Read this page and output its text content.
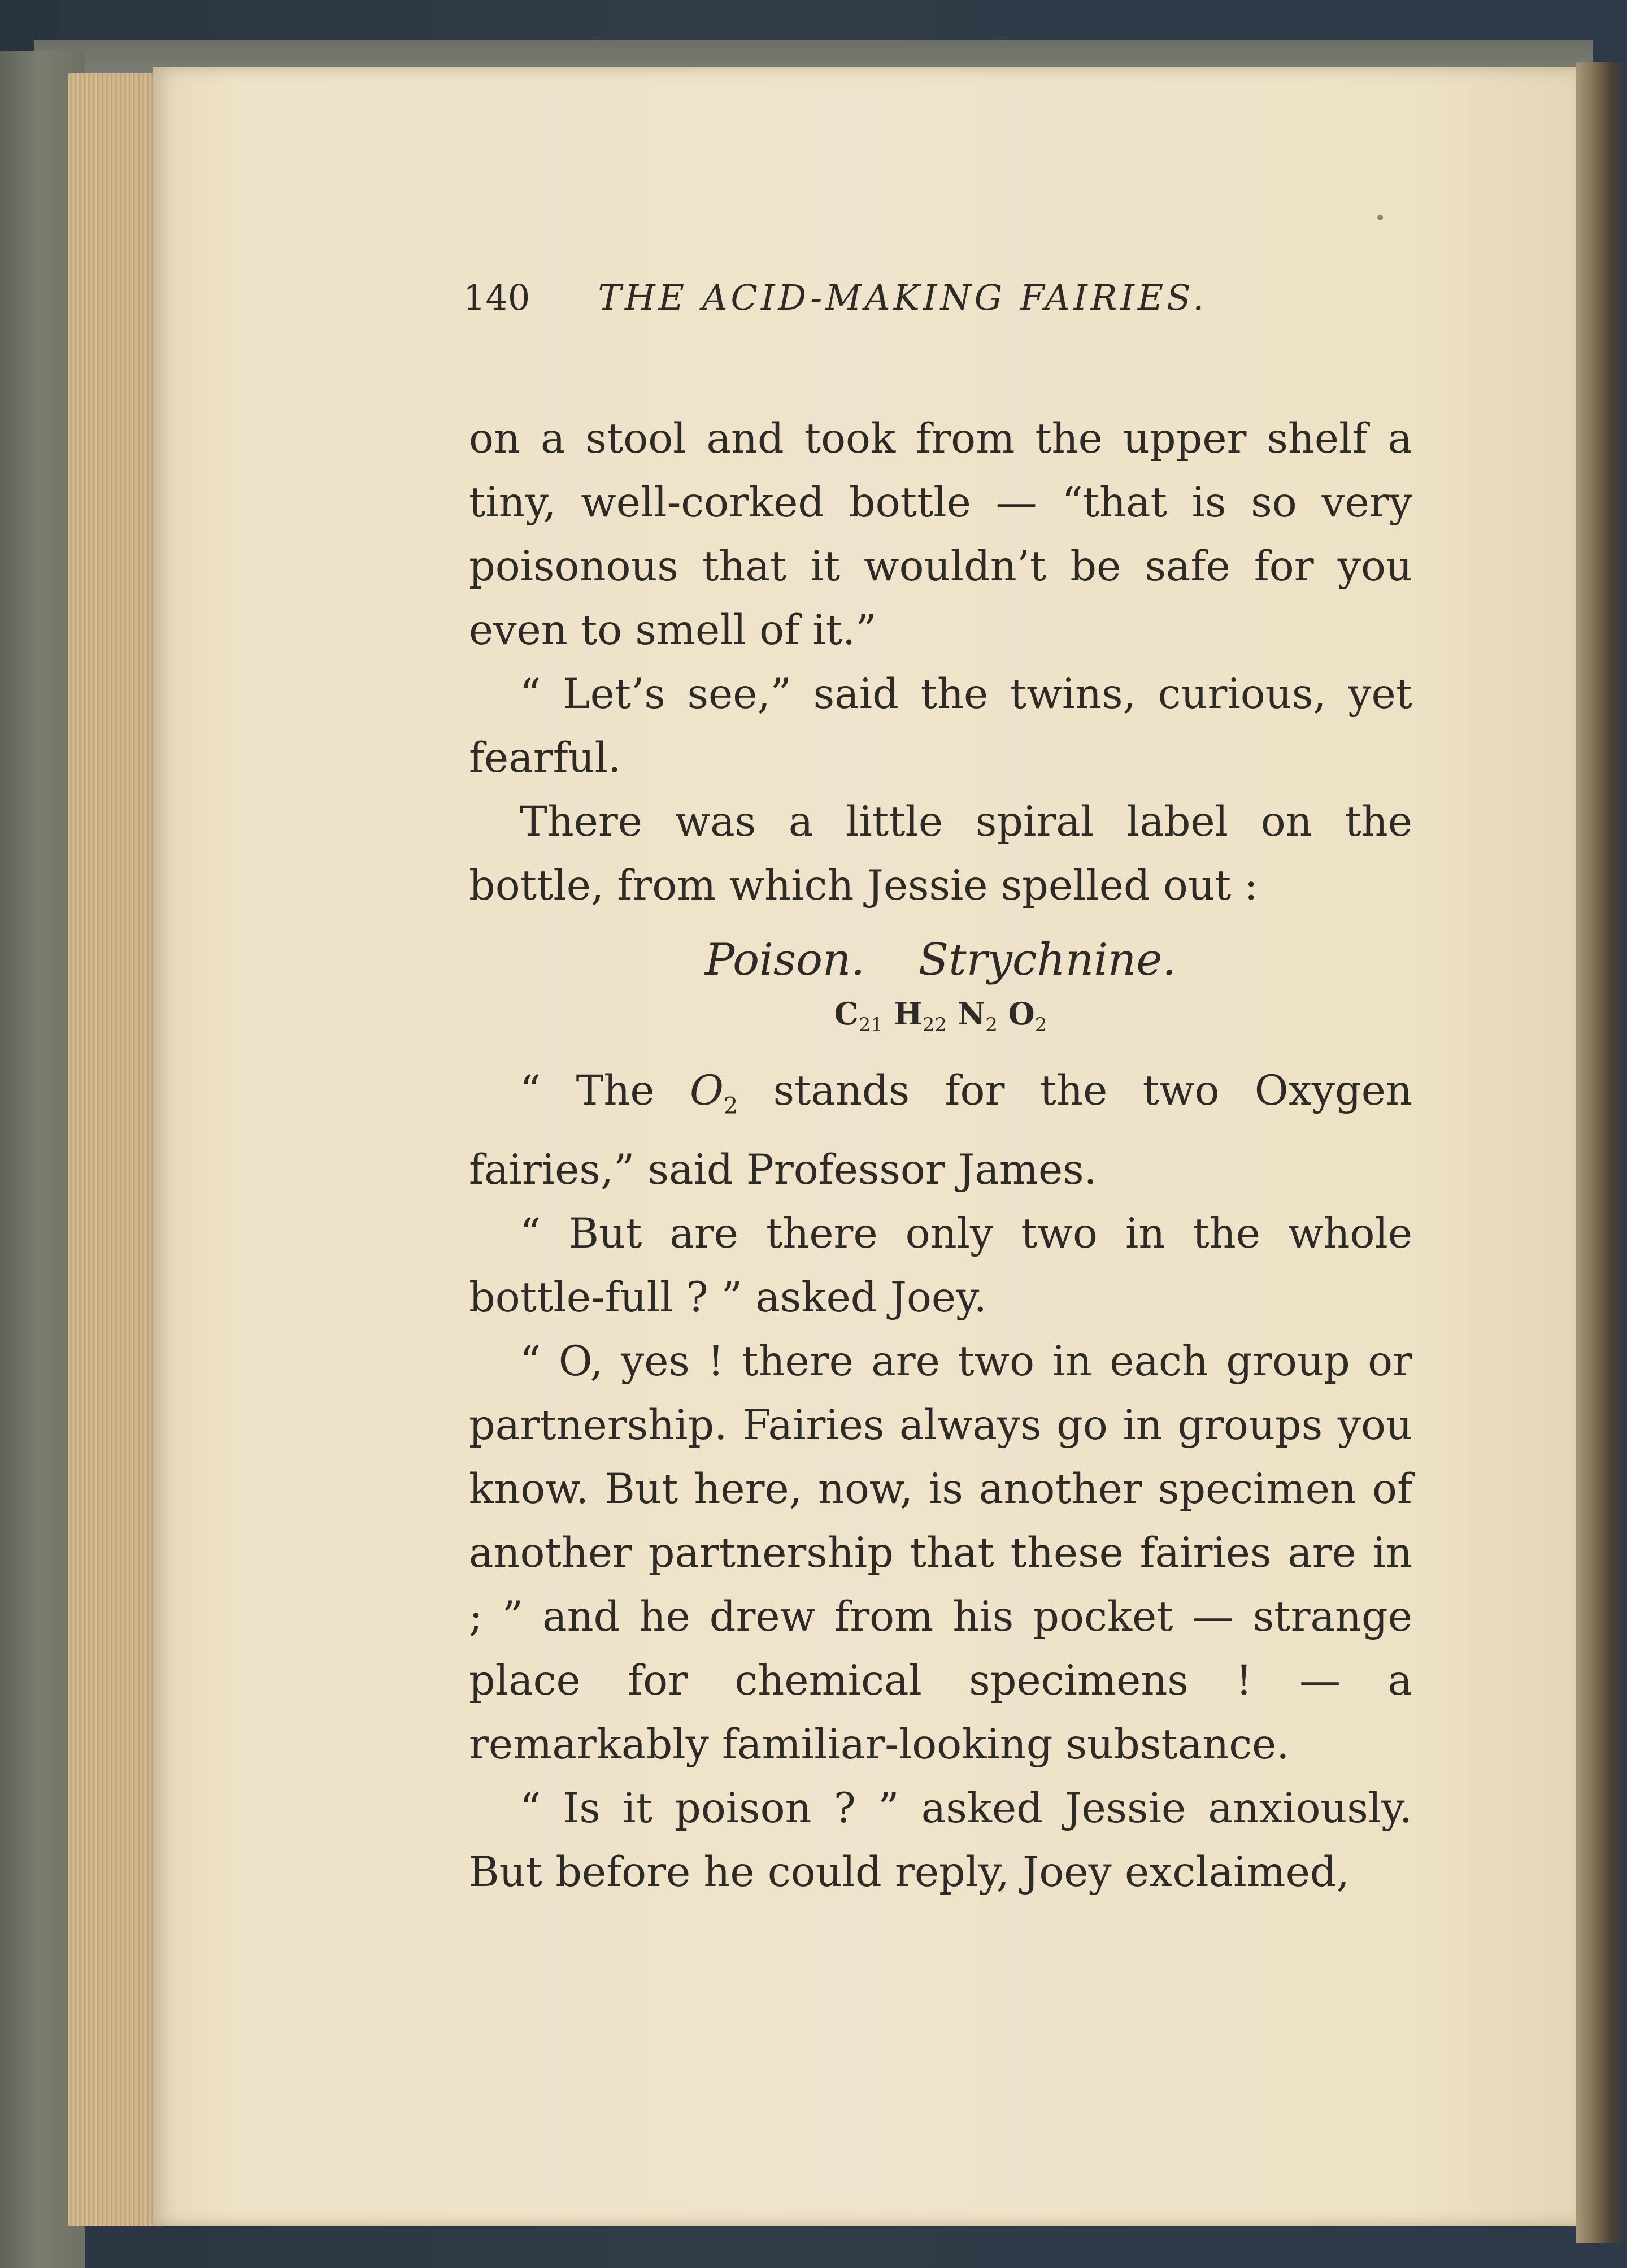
140 THE ACID-MAKING FAIRIES.

on a stool and took from the upper shelf a tiny, well-corked bottle — “that is so very poisonous that it wouldn’t be safe for you even to smell of it.”

“ Let’s see,” said the twins, curious, yet fearful.

There was a little spiral label on the bottle, from which Jessie spelled out :

Poison. Strychnine.
$C_{21}$ $H_{22}$ $N_2$ $O_2$

“ The $O_2$ stands for the two Oxygen fairies,” said Professor James.

“ But are there only two in the whole bottle-full ? ” asked Joey.

“ O, yes ! there are two in each group or partnership. Fairies always go in groups you know. But here, now, is another specimen of another partnership that these fairies are in ; ” and he drew from his pocket — strange place for chemical specimens ! — a remarkably familiar-looking substance.

“ Is it poison ? ” asked Jessie anxiously. But before he could reply, Joey exclaimed,
